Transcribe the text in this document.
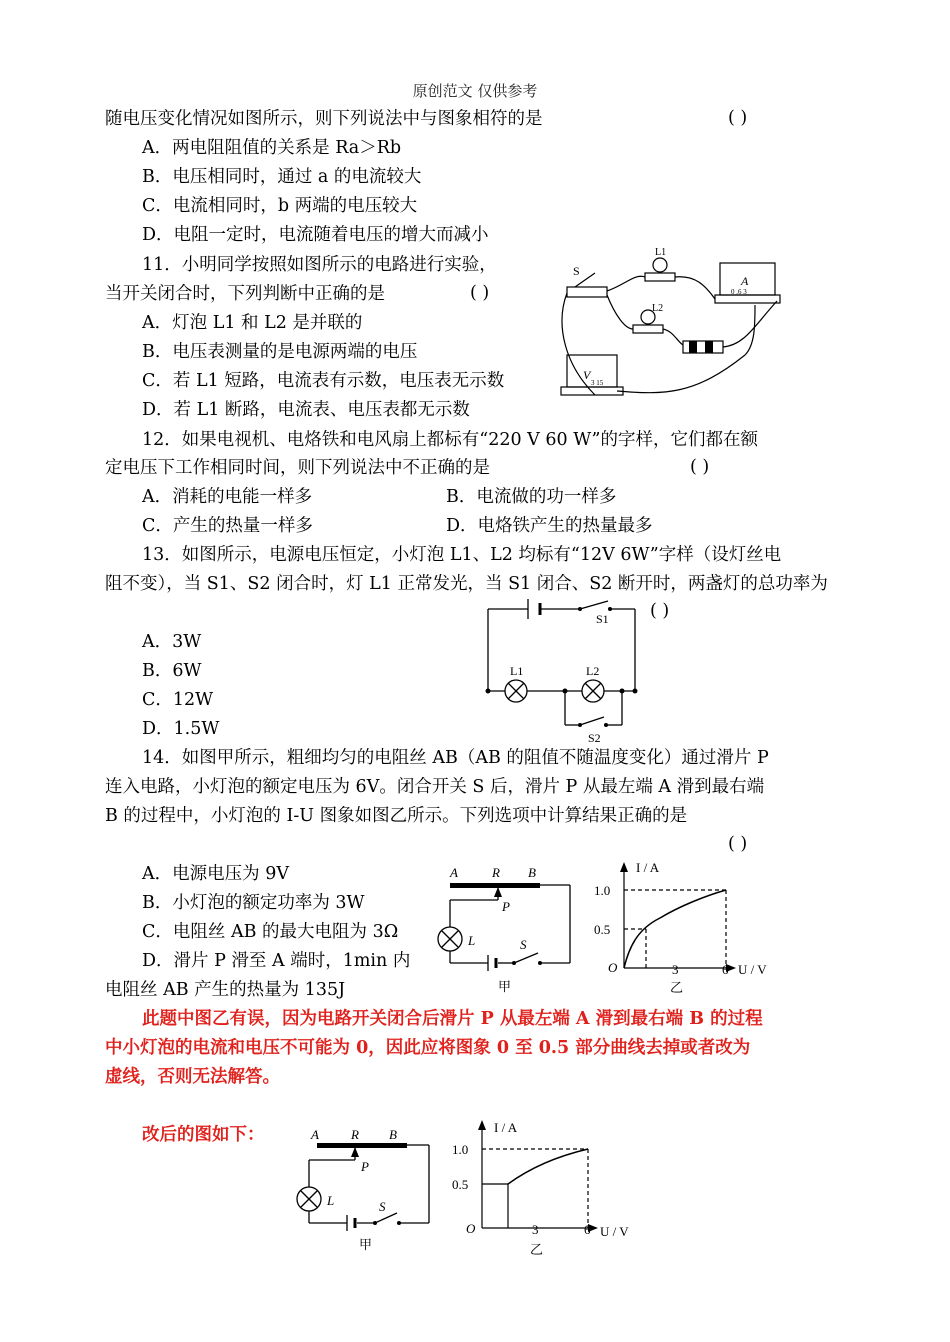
原创范文 仅供参考
随电压变化情况如图所示，则下列说法中与图象相符的是	( )
A．两电阻阻值的关系是 Ra＞Rb
B．电压相同时，通过 a 的电流较大
C．电流相同时，b 两端的电压较大
D．电阻一定时，电流随着电压的增大而减小
11．小明同学按照如图所示的电路进行实验，
当开关闭合时，下列判断中正确的是	( )
A．灯泡 L1 和 L2 是并联的
B．电压表测量的是电源两端的电压
C．若 L1 短路，电流表有示数，电压表无示数
D．若 L1 断路，电流表、电压表都无示数
S
L1
L2
A
0 .6 3
V
3 15
12．如果电视机、电烙铁和电风扇上都标有“220 V 60 W”的字样，它们都在额
定电压下工作相同时间，则下列说法中不正确的是	( )
A．消耗的电能一样多	B．电流做的功一样多
C．产生的热量一样多	D．电烙铁产生的热量最多
13．如图所示，电源电压恒定，小灯泡 L1、L2 均标有“12V 6W”字样（设灯丝电
阻不变），当 S1、S2 闭合时，灯 L1 正常发光，当 S1 闭合、S2 断开时，两盏灯的总功率为
( )
A．3W
B．6W
C．12W
D．1.5W
S1
L1	L2
S2
14．如图甲所示，粗细均匀的电阻丝 AB（AB 的阻值不随温度变化）通过滑片 P
连入电路，小灯泡的额定电压为 6V。闭合开关 S 后，滑片 P 从最左端 A 滑到最右端
B 的过程中，小灯泡的 I-U 图象如图乙所示。下列选项中计算结果正确的是
( )
A．电源电压为 9V
B．小灯泡的额定功率为 3W
C．电阻丝 AB 的最大电阻为 3Ω
D．滑片 P 滑至 A 端时，1min 内
电阻丝 AB 产生的热量为 135J
A	R B
P
L	S
甲
I / A
1.0
0.5
O	3	6 U / V
乙
此题中图乙有误，因为电路开关闭合后滑片 P 从最左端 A 滑到最右端 B 的过程
中小灯泡的电流和电压不可能为 0，因此应将图象 0 至 0.5 部分曲线去掉或者改为
虚线，否则无法解答。
改后的图如下：	A R B
P
L	S
甲
I / A
1.0
0.5
O	3	6 U / V
乙
